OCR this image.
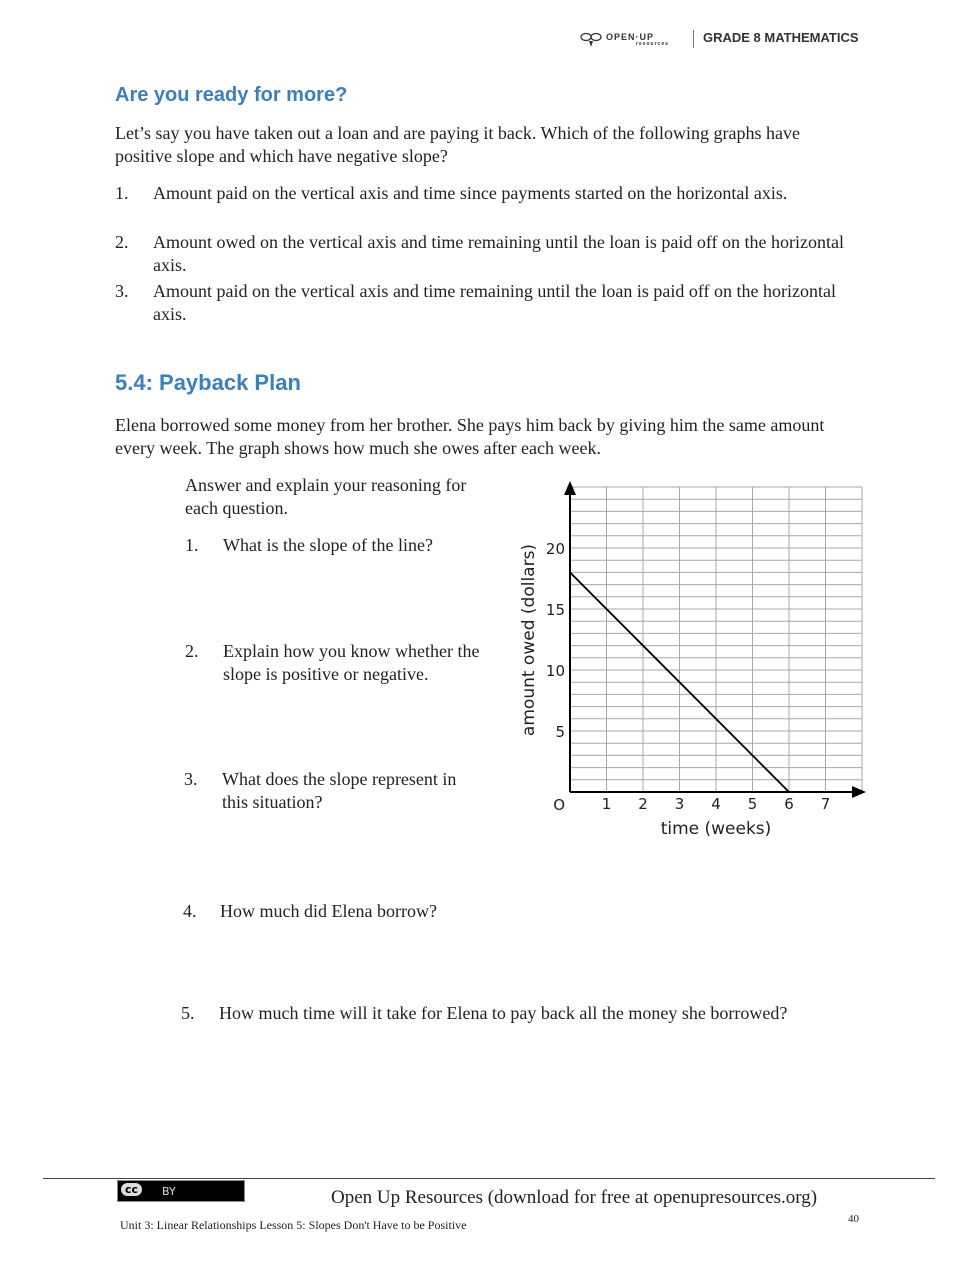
OPEN·UP
resources	GRADE 8 MATHEMATICS
Are you ready for more?
Let’s say you have taken out a loan and are paying it back. Which of the following graphs have positive slope and which have negative slope?
1. Amount paid on the vertical axis and time since payments started on the horizontal axis.
2. Amount owed on the vertical axis and time remaining until the loan is paid off on the horizontal axis.
3. Amount paid on the vertical axis and time remaining until the loan is paid off on the horizontal axis.
5.4: Payback Plan
Elena borrowed some money from her brother. She pays him back by giving him the same amount every week. The graph shows how much she owes after each week.
Answer and explain your reasoning for each question.
1. What is the slope of the line?
2. Explain how you know whether the slope is positive or negative.
3. What does the slope represent in this situation?
4. How much did Elena borrow?
5. How much time will it take for Elena to pay back all the money she borrowed?
1 2 3 4 5 6 7
5
10
15
20
O
time (weeks)
amount owed (dollars)
cc	BY	Open Up Resources (download for free at openupresources.org)
40
Unit 3: Linear Relationships Lesson 5: Slopes Don't Have to be Positive
